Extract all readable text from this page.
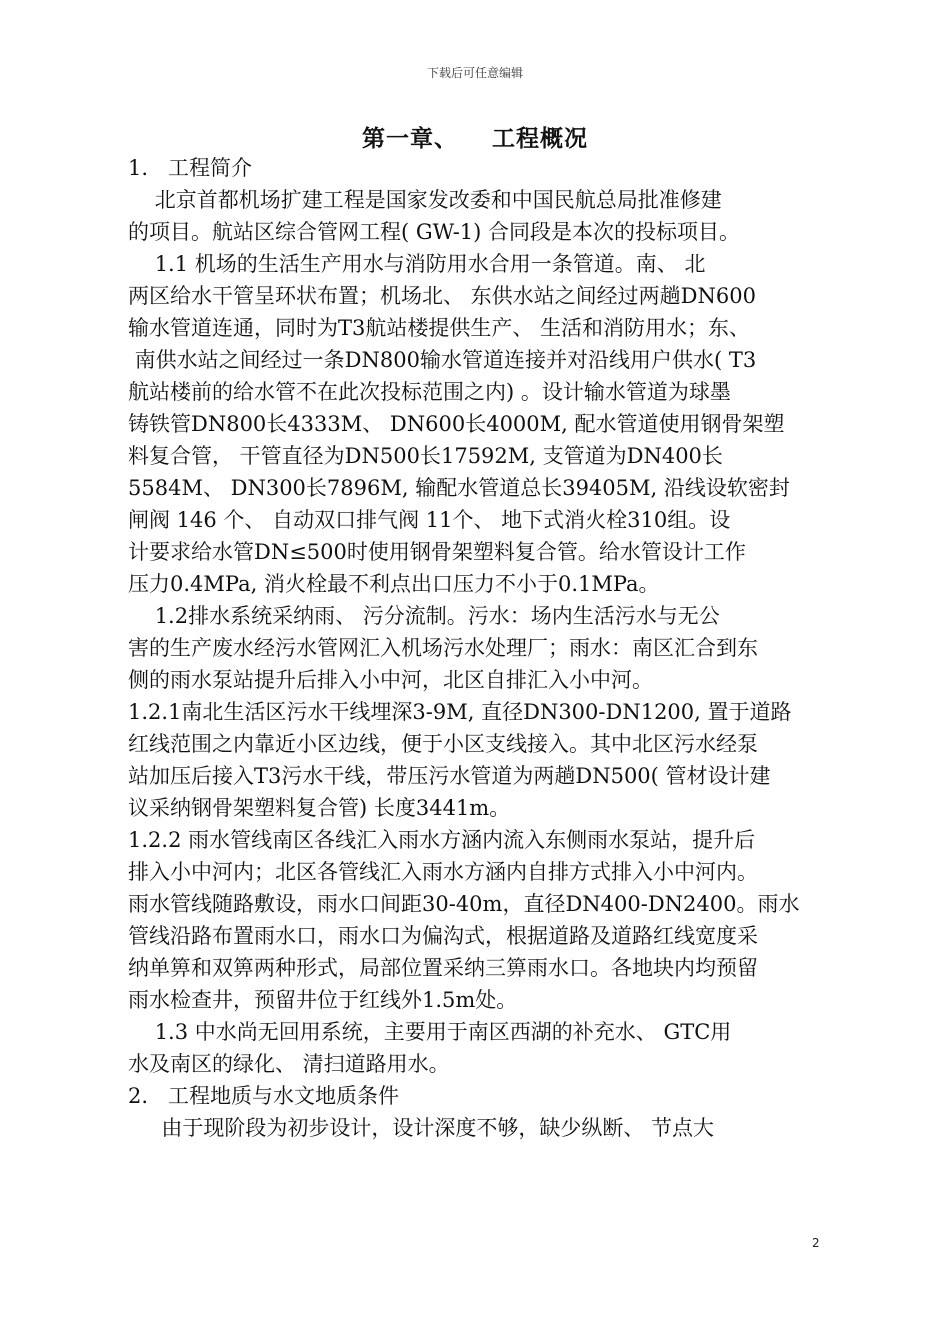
下载后可任意编辑
第一章、 工程概况
1.   工程简介
北京首都机场扩建工程是国家发改委和中国民航总局批准修建
的项目。航站区综合管网工程( GW-1) 合同段是本次的投标项目。
1.1 机场的生活生产用水与消防用水合用一条管道。南、 北
两区给水干管呈环状布置；机场北、 东供水站之间经过两趟DN600
输水管道连通，同时为T3航站楼提供生产、 生活和消防用水；东、
南供水站之间经过一条DN800输水管道连接并对沿线用户供水( T3
航站楼前的给水管不在此次投标范围之内) 。设计输水管道为球墨
铸铁管DN800长4333M、 DN600长4000M, 配水管道使用钢骨架塑
料复合管， 干管直径为DN500长17592M, 支管道为DN400长
5584M、 DN300长7896M, 输配水管道总长39405M, 沿线设软密封
闸阀 146 个、 自动双口排气阀 11个、 地下式消火栓310组。设
计要求给水管DN≤500时使用钢骨架塑料复合管。给水管设计工作
压力0.4MPa, 消火栓最不利点出口压力不小于0.1MPa。
1.2排水系统采纳雨、 污分流制。污水：场内生活污水与无公
害的生产废水经污水管网汇入机场污水处理厂；雨水：南区汇合到东
侧的雨水泵站提升后排入小中河，北区自排汇入小中河。
1.2.1南北生活区污水干线埋深3-9M, 直径DN300-DN1200, 置于道路
红线范围之内靠近小区边线，便于小区支线接入。其中北区污水经泵
站加压后接入T3污水干线，带压污水管道为两趟DN500( 管材设计建
议采纳钢骨架塑料复合管) 长度3441m。
1.2.2 雨水管线南区各线汇入雨水方涵内流入东侧雨水泵站，提升后
排入小中河内；北区各管线汇入雨水方涵内自排方式排入小中河内。
雨水管线随路敷设，雨水口间距30-40m，直径DN400-DN2400。雨水
管线沿路布置雨水口，雨水口为偏沟式，根据道路及道路红线宽度采
纳单箅和双箅两种形式，局部位置采纳三箅雨水口。各地块内均预留
雨水检查井，预留井位于红线外1.5m处。
1.3 中水尚无回用系统，主要用于南区西湖的补充水、 GTC用
水及南区的绿化、 清扫道路用水。
2.   工程地质与水文地质条件
由于现阶段为初步设计，设计深度不够，缺少纵断、 节点大
2
